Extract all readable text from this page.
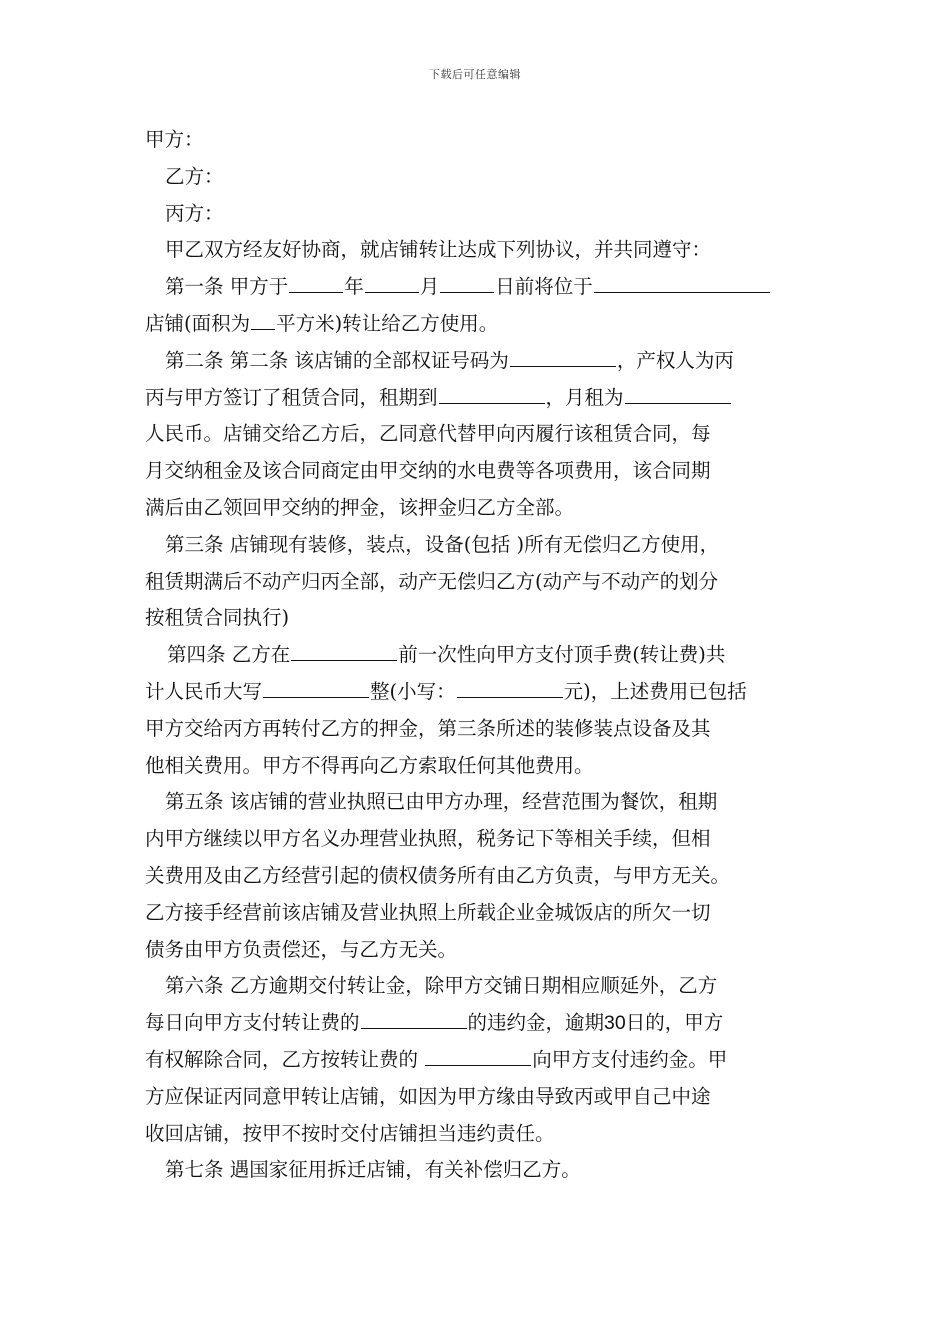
下载后可任意编辑
甲方：
乙方：
丙方：
甲乙双方经友好协商，就店铺转让达成下列协议，并共同遵守：
第一条 甲方于	年	月	日前将位于
店铺(面积为 平方米)转让给乙方使用。
第二条 第二条 该店铺的全部权证号码为	，产权人为丙
丙与甲方签订了租赁合同，租期到	，月租为
人民币。店铺交给乙方后，乙同意代替甲向丙履行该租赁合同，每
月交纳租金及该合同商定由甲交纳的水电费等各项费用，该合同期
满后由乙领回甲交纳的押金，该押金归乙方全部。
第三条 店铺现有装修，装点，设备(包括 )所有无偿归乙方使用，
租赁期满后不动产归丙全部，动产无偿归乙方(动产与不动产的划分
按租赁合同执行)
第四条 乙方在	前一次性向甲方支付顶手费(转让费)共
计人民币大写	整(小写：	元)，上述费用已包括
甲方交给丙方再转付乙方的押金，第三条所述的装修装点设备及其
他相关费用。甲方不得再向乙方索取任何其他费用。
第五条 该店铺的营业执照已由甲方办理，经营范围为餐饮，租期
内甲方继续以甲方名义办理营业执照，税务记下等相关手续，但相
关费用及由乙方经营引起的债权债务所有由乙方负责，与甲方无关。
乙方接手经营前该店铺及营业执照上所载企业金城饭店的所欠一切
债务由甲方负责偿还，与乙方无关。
第六条 乙方逾期交付转让金，除甲方交铺日期相应顺延外，乙方
每日向甲方支付转让费的	的违约金，逾期30日的，甲方
有权解除合同，乙方按转让费的	向甲方支付违约金。甲
方应保证丙同意甲转让店铺，如因为甲方缘由导致丙或甲自己中途
收回店铺，按甲不按时交付店铺担当违约责任。
第七条 遇国家征用拆迁店铺，有关补偿归乙方。
